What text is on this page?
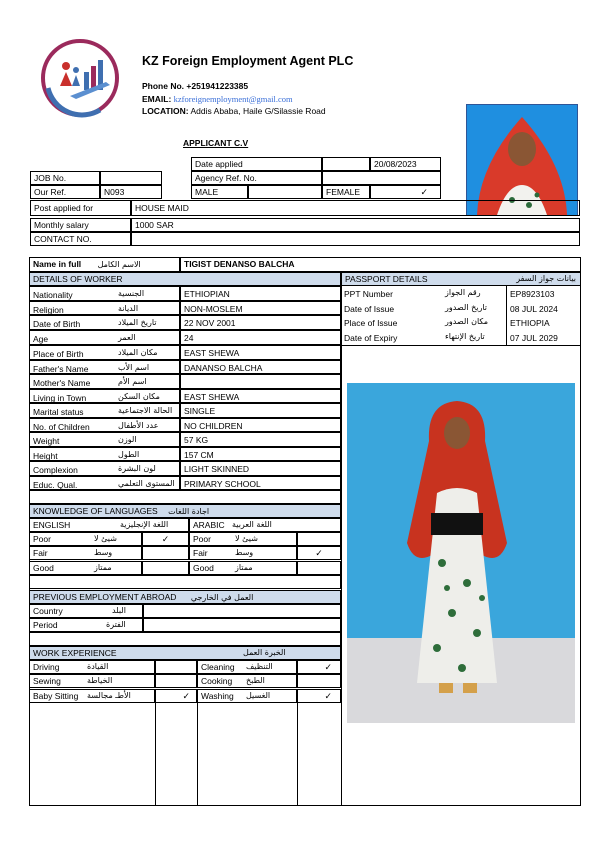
KZ Foreign Employment Agent PLC
Phone No. +251941223385
EMAIL: kzforeignemployment@gmail.com
LOCATION: Addis Ababa, Haile G/Silassie Road
APPLICANT C.V
Date applied	20/08/2023
JOB No.	Agency Ref. No.
Our Ref.	N093	MALE	FEMALE	✓
Post applied for	HOUSE MAID
Monthly salary	1000 SAR
CONTACT NO.
Name in full الاسم الكامل	TIGIST DENANSO BALCHA
DETAILS OF WORKER
Nationality	الجنسية	ETHIOPIAN
Religion	الديانة	NON-MOSLEM
Date of Birth	تاريخ الميلاد	22 NOV 2001
Age	العمر	24
Place of Birth	مكان الميلاد	EAST SHEWA
Father's Name	اسم الأب	DANANSO BALCHA
Mother's Name	اسم الأم
Living in Town	مكان السكن	EAST SHEWA
Marital status	الحالة الاجتماعية	SINGLE
No. of Children	عدد الأطفال	NO CHILDREN
Weight	الوزن	57 KG
Height	الطول	157 CM
Complexion	لون البشرة	LIGHT SKINNED
Educ. Qual.	المستوى التعلمي	PRIMARY SCHOOL
PASSPORT DETAILS	بيانات جواز السفر
PPT Number	رقم الجواز	EP8923103
Date of Issue	تاريخ الصدور	08 JUL 2024
Place of Issue	مكان الصدور	ETHIOPIA
Date of Expiry	تاريخ الإنتهاء	07 JUL 2029
KNOWLEDGE OF LANGUAGES اجادة اللغات
ENGLISH	اللغة الإنجليزية	ARABIC اللغة العربية
Poor	شيئ لا	✓	Poor	شيئ لا
Fair	وسط	Fair	وسط	✓
Good	ممتاز	Good	ممتاز
PREVIOUS EMPLOYMENT ABROAD العمل في الخارجي
Country	البلد
Period	الفترة
WORK EXPERIENCE	الخبرة العمل
Driving	القيادة	Cleaning التنظيف	✓
Sewing	الخياطة	Cooking الطبخ
Baby Sitting الأطـ مجالسة	✓	Washing الغسيل	✓
